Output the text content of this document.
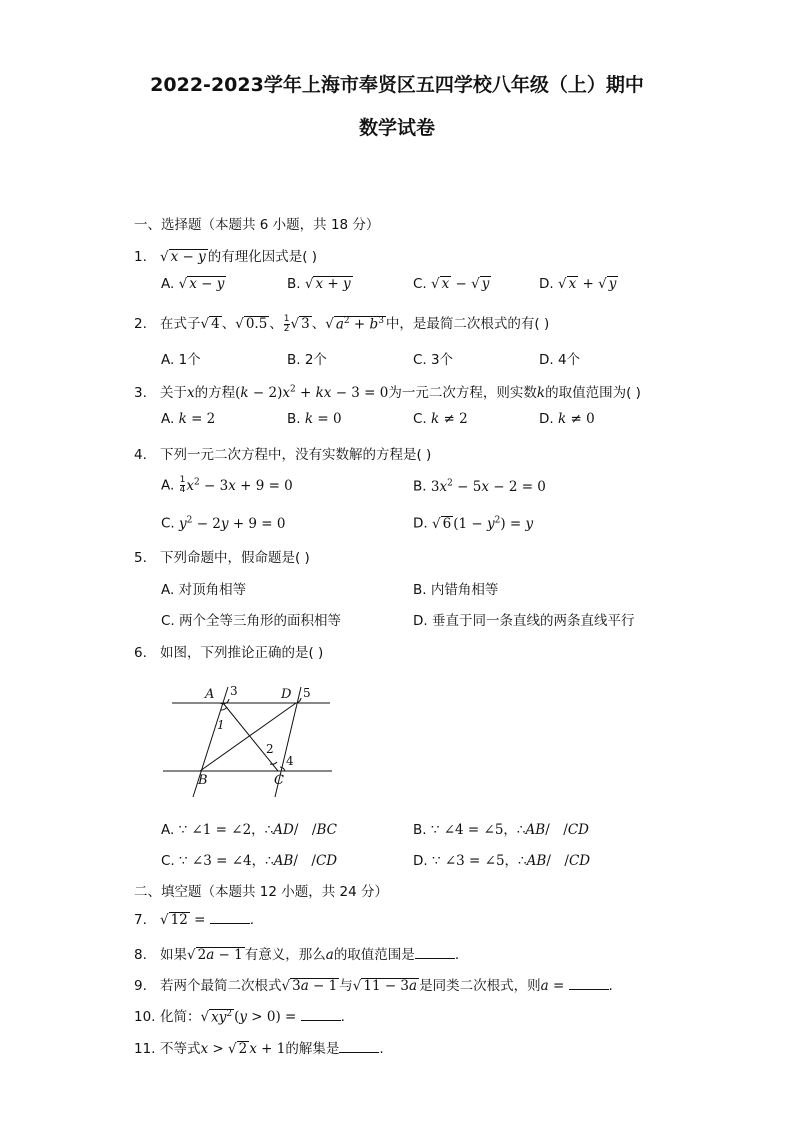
2022-2023学年上海市奉贤区五四学校八年级（上）期中
数学试卷
一、选择题（本题共 6 小题，共 18 分）
1. √ x − y 的有理化因式是( )
A. √ x − y	B. √ x + y	C. √ x − √ y	D. √ x + √ y
2. 在式子√ 4 、√ 0.5 、 $\frac{1}{2}$ √ 3 、√ $a^2 + b^3$ 中，是最简二次根式的有( )
A. 1个	B. 2个	C. 3个	D. 4个
3. 关于x的方程$(k - 2)x^2$ + kx − 3 = 0为一元二次方程，则实数k的取值范围为( )
A. k = 2	B. k = 0	C. k ≠ 2	D. k ≠ 0
4. 下列一元二次方程中，没有实数解的方程是( )
A. $\frac{1}{4} x^2 - 3x + 9 = 0$	B. $3x^2 - 5x - 2 = 0$
C. $y^2 - 2y + 9 = 0$	D. √ 6 $(1 - y^2) = y$
5. 下列命题中，假命题是( )
A. 对顶角相等	B. 内错角相等
C. 两个全等三角形的面积相等	D. 垂直于同一条直线的两条直线平行
6. 如图，下列推论正确的是( )
A	D
B	C
3	5
1
2
4
A. ∵ ∠1 = ∠2，∴AD/　/BC	B. ∵ ∠4 = ∠5，∴AB/　/CD
C. ∵ ∠3 = ∠4，∴AB/　/CD	D. ∵ ∠3 = ∠5，∴AB/　/CD
二、填空题（本题共 12 小题，共 24 分）
7. √ 12 =	.
8. 如果√ 2a − 1 有意义，那么a的取值范围是	.
9. 若两个最简二次根式√ 3a − 1 与√ 11 − 3a 是同类二次根式，则a =	.
10. 化简：√ $xy^2$ (y > 0) =	.
11. 不等式x > √ 2 x + 1的解集是	.
